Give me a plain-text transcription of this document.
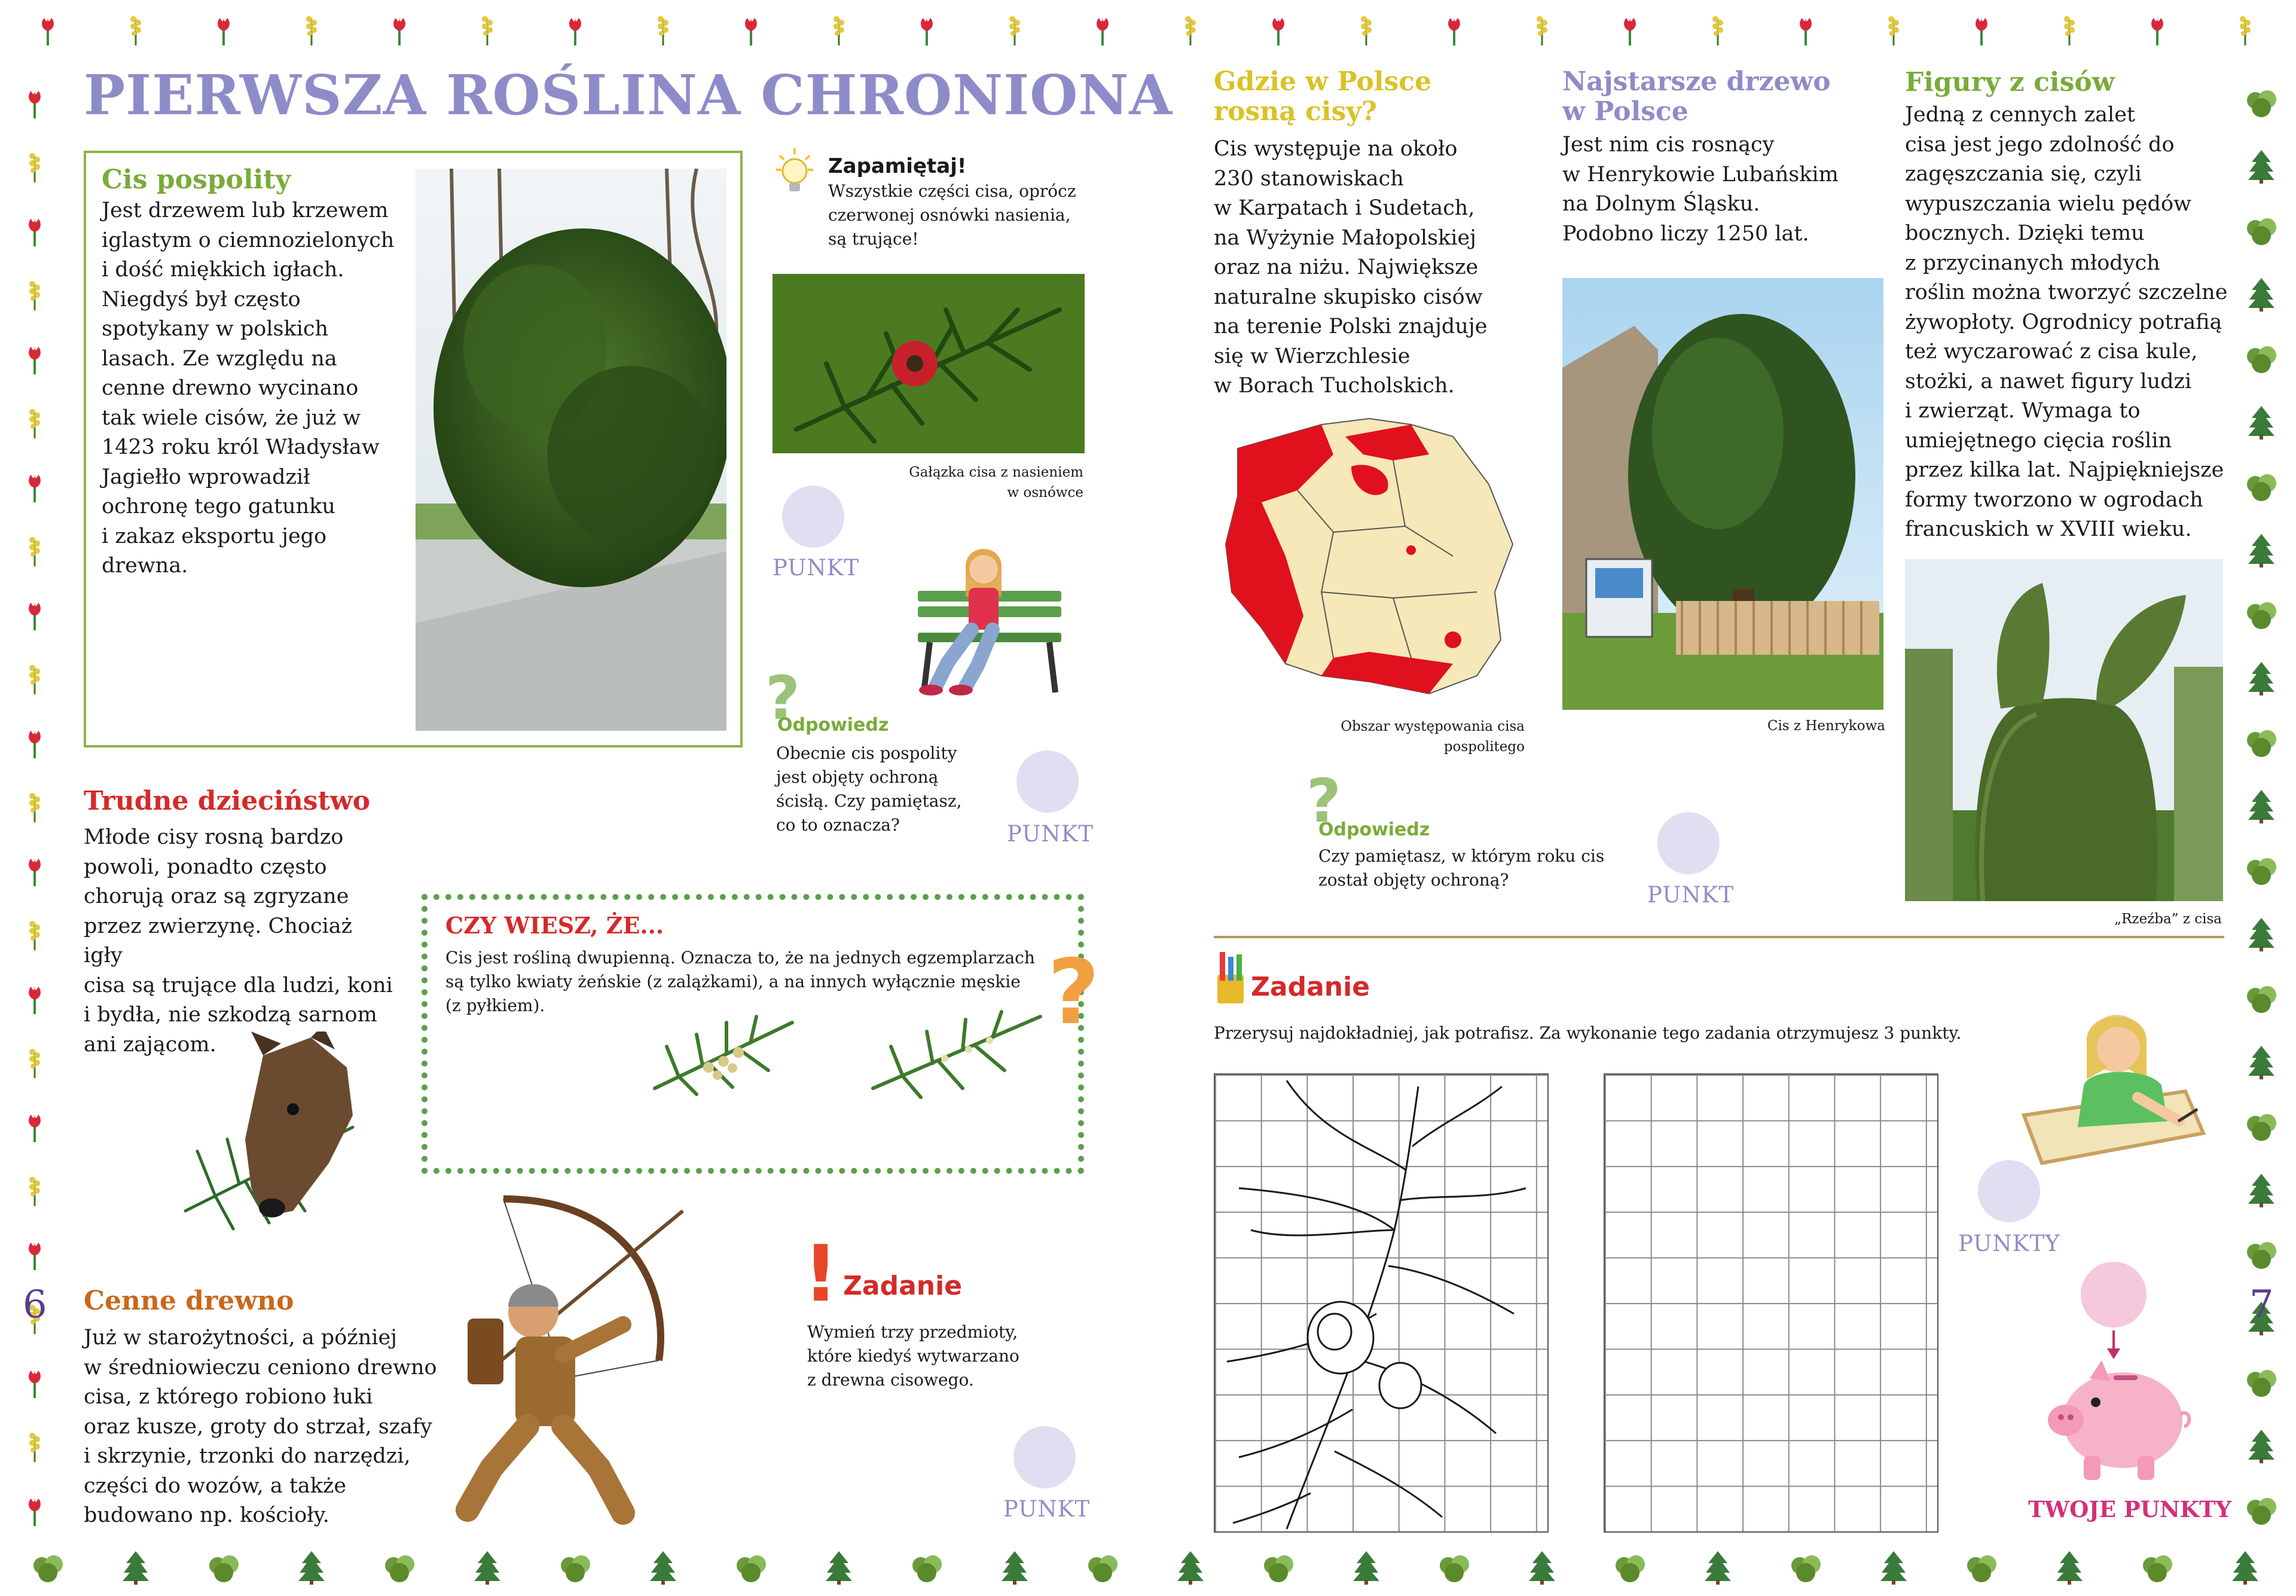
PIERWSZA ROŚLINA CHRONIONA
Cis pospolity
Jest drzewem lub krzewem
iglastym o ciemnozielonych
i dość miękkich igłach.
Niegdyś był często
spotykany w polskich
lasach. Ze względu na
cenne drewno wycinano
tak wiele cisów, że już w
1423 roku król Władysław
Jagiełło wprowadził
ochronę tego gatunku
i zakaz eksportu jego
drewna.
Zapamiętaj!
Wszystkie części cisa, oprócz
czerwonej osnówki nasienia,
są trujące!
Gałązka cisa z nasieniem
w osnówce
PUNKT
?
Odpowiedz
Obecnie cis pospolity
jest objęty ochroną
ścisłą. Czy pamiętasz,
co to oznacza?	PUNKT
Trudne dzieciństwo
Młode cisy rosną bardzo
powoli, ponadto często
chorują oraz są zgryzane
przez zwierzynę. Chociaż igły
cisa są trujące dla ludzi, koni
i bydła, nie szkodzą sarnom
ani zającom.
CZY WIESZ, ŻE...
Cis jest rośliną dwupienną. Oznacza to, że na jednych egzemplarzach
są tylko kwiaty żeńskie (z zalążkami), a na innych wyłącznie męskie
(z pyłkiem).	?
6 Cenne drewno
Już w starożytności, a później
w średniowieczu ceniono drewno
cisa, z którego robiono łuki
oraz kusze, groty do strzał, szafy
i skrzynie, trzonki do narzędzi,
części do wozów, a także
budowano np. kościoły.
! Zadanie
Wymień trzy przedmioty,
które kiedyś wytwarzano
z drewna cisowego.
PUNKT
Gdzie w Polsce
rosną cisy?
Cis występuje na około
230 stanowiskach
w Karpatach i Sudetach,
na Wyżynie Małopolskiej
oraz na niżu. Największe
naturalne skupisko cisów
na terenie Polski znajduje
się w Wierzchlesie
w Borach Tucholskich.
Obszar występowania cisa
pospolitego
?
Odpowiedz
Czy pamiętasz, w którym roku cis
został objęty ochroną?
PUNKT
Najstarsze drzewo
w Polsce
Jest nim cis rosnący
w Henrykowie Lubańskim
na Dolnym Śląsku.
Podobno liczy 1250 lat.
Cis z Henrykowa
Figury z cisów
Jedną z cennych zalet
cisa jest jego zdolność do
zagęszczania się, czyli
wypuszczania wielu pędów
bocznych. Dzięki temu
z przycinanych młodych
roślin można tworzyć szczelne
żywopłoty. Ogrodnicy potrafią
też wyczarować z cisa kule,
stożki, a nawet figury ludzi
i zwierząt. Wymaga to
umiejętnego cięcia roślin
przez kilka lat. Najpiękniejsze
formy tworzono w ogrodach
francuskich w XVIII wieku.
„Rzeźba” z cisa
Zadanie
Przerysuj najdokładniej, jak potrafisz. Za wykonanie tego zadania otrzymujesz 3 punkty.
PUNKTY
TWOJE PUNKTY
7
